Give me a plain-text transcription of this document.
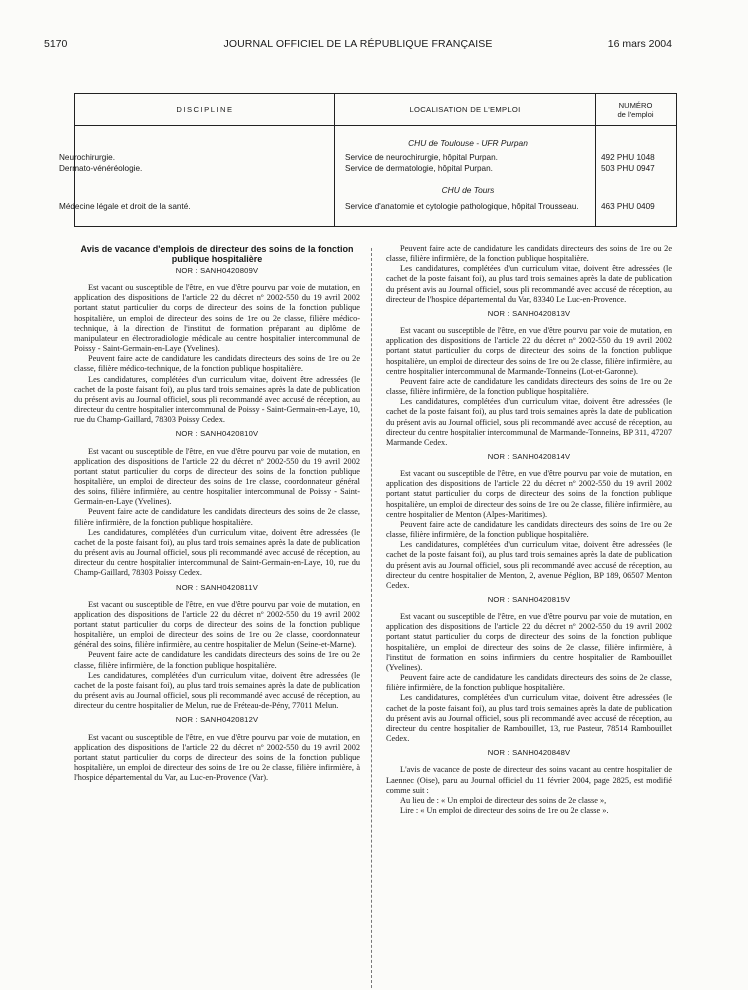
5170	JOURNAL OFFICIEL DE LA RÉPUBLIQUE FRANÇAISE	16 mars 2004
DISCIPLINE	LOCALISATION DE L'EMPLOI	NUMÉRO
de l'emploi
CHU de Toulouse - UFR Purpan
Neurochirurgie.	Service de neurochirurgie, hôpital Purpan.	492 PHU 1048
Dermato-vénéréologie.	Service de dermatologie, hôpital Purpan.	503 PHU 0947
CHU de Tours
Médecine légale et droit de la santé.	Service d'anatomie et cytologie pathologique, hôpital Trousseau.	463 PHU 0409
Avis de vacance d'emplois de directeur des soins de la fonction publique hospitalière
NOR : SANH0420809V

Est vacant ou susceptible de l'être, en vue d'être pourvu par voie de mutation, en application des dispositions de l'article 22 du décret nº 2002-550 du 19 avril 2002 portant statut particulier du corps de directeur des soins de la fonction publique hospitalière, un emploi de directeur des soins de 1re ou 2e classe, filière médico-technique, à la direction de l'institut de formation préparant au diplôme de manipulateur en électroradiologie médicale au centre hospitalier intercommunal de Poissy - Saint-Germain-en-Laye (Yvelines).

Peuvent faire acte de candidature les candidats directeurs des soins de 1re ou 2e classe, filière médico-technique, de la fonction publique hospitalière.

Les candidatures, complétées d'un curriculum vitae, doivent être adressées (le cachet de la poste faisant foi), au plus tard trois semaines après la date de publication du présent avis au Journal officiel, sous pli recommandé avec accusé de réception, au directeur du centre hospitalier intercommunal de Poissy - Saint-Germain-en-Laye, 10, rue du Champ-Gaillard, 78303 Poissy Cedex.

NOR : SANH0420810V

Est vacant ou susceptible de l'être, en vue d'être pourvu par voie de mutation, en application des dispositions de l'article 22 du décret nº 2002-550 du 19 avril 2002 portant statut particulier du corps de directeur des soins de la fonction publique hospitalière, un emploi de directeur des soins de 1re classe, coordonnateur général des soins, filière infirmière, au centre hospitalier intercommunal de Poissy - Saint-Germain-en-Laye (Yvelines).

Peuvent faire acte de candidature les candidats directeurs des soins de 2e classe, filière infirmière, de la fonction publique hospitalière.

Les candidatures, complétées d'un curriculum vitae, doivent être adressées (le cachet de la poste faisant foi), au plus tard trois semaines après la date de publication du présent avis au Journal officiel, sous pli recommandé avec accusé de réception, au directeur du centre hospitalier intercommunal de Saint-Germain-en-Laye, 10, rue du Champ-Gaillard, 78303 Poissy Cedex.

NOR : SANH0420811V

Est vacant ou susceptible de l'être, en vue d'être pourvu par voie de mutation, en application des dispositions de l'article 22 du décret nº 2002-550 du 19 avril 2002 portant statut particulier du corps de directeur des soins de la fonction publique hospitalière, un emploi de directeur des soins de 1re ou 2e classe, coordonnateur général des soins, filière infirmière, au centre hospitalier de Melun (Seine-et-Marne).

Peuvent faire acte de candidature les candidats directeurs des soins de 1re ou 2e classe, filière infirmière, de la fonction publique hospitalière.

Les candidatures, complétées d'un curriculum vitae, doivent être adressées (le cachet de la poste faisant foi), au plus tard trois semaines après la date de publication du présent avis au Journal officiel, sous pli recommandé avec accusé de réception, au directeur du centre hospitalier de Melun, rue de Fréteau-de-Pény, 77011 Melun.

NOR : SANH0420812V

Est vacant ou susceptible de l'être, en vue d'être pourvu par voie de mutation, en application des dispositions de l'article 22 du décret nº 2002-550 du 19 avril 2002 portant statut particulier du corps de directeur des soins de la fonction publique hospitalière, un emploi de directeur des soins de 1re ou 2e classe, filière infirmière, à l'hospice départemental du Var, au Luc-en-Provence (Var).

Peuvent faire acte de candidature les candidats directeurs des soins de 1re ou 2e classe, filière infirmière, de la fonction publique hospitalière.

Les candidatures, complétées d'un curriculum vitae, doivent être adressées (le cachet de la poste faisant foi), au plus tard trois semaines après la date de publication du présent avis au Journal officiel, sous pli recommandé avec accusé de réception, au directeur de l'hospice départemental du Var, 83340 Le Luc-en-Provence.

NOR : SANH0420813V

Est vacant ou susceptible de l'être, en vue d'être pourvu par voie de mutation, en application des dispositions de l'article 22 du décret nº 2002-550 du 19 avril 2002 portant statut particulier du corps de directeur des soins de la fonction publique hospitalière, un emploi de directeur des soins de 1re ou 2e classe, filière infirmière, au centre hospitalier intercommunal de Marmande-Tonneins (Lot-et-Garonne).

Peuvent faire acte de candidature les candidats directeurs des soins de 1re ou 2e classe, filière infirmière, de la fonction publique hospitalière.

Les candidatures, complétées d'un curriculum vitae, doivent être adressées (le cachet de la poste faisant foi), au plus tard trois semaines après la date de publication du présent avis au Journal officiel, sous pli recommandé avec accusé de réception, au directeur du centre hospitalier intercommunal de Marmande-Tonneins, BP 311, 47207 Marmande Cedex.

NOR : SANH0420814V

Est vacant ou susceptible de l'être, en vue d'être pourvu par voie de mutation, en application des dispositions de l'article 22 du décret nº 2002-550 du 19 avril 2002 portant statut particulier du corps de directeur des soins de la fonction publique hospitalière, un emploi de directeur des soins de 1re ou 2e classe, filière infirmière, au centre hospitalier de Menton (Alpes-Maritimes).

Peuvent faire acte de candidature les candidats directeurs des soins de 1re ou 2e classe, filière infirmière, de la fonction publique hospitalière.

Les candidatures, complétées d'un curriculum vitae, doivent être adressées (le cachet de la poste faisant foi), au plus tard trois semaines après la date de publication du présent avis au Journal officiel, sous pli recommandé avec accusé de réception, au directeur du centre hospitalier de Menton, 2, avenue Péglion, BP 189, 06507 Menton Cedex.

NOR : SANH0420815V

Est vacant ou susceptible de l'être, en vue d'être pourvu par voie de mutation, en application des dispositions de l'article 22 du décret nº 2002-550 du 19 avril 2002 portant statut particulier du corps de directeur des soins de la fonction publique hospitalière, un emploi de directeur des soins de 2e classe, filière infirmière, à l'institut de formation en soins infirmiers du centre hospitalier de Rambouillet (Yvelines).

Peuvent faire acte de candidature les candidats directeurs des soins de 2e classe, filière infirmière, de la fonction publique hospitalière.

Les candidatures, complétées d'un curriculum vitae, doivent être adressées (le cachet de la poste faisant foi), au plus tard trois semaines après la date de publication du présent avis au Journal officiel, sous pli recommandé avec accusé de réception, au directeur du centre hospitalier de Rambouillet, 13, rue Pasteur, 78514 Rambouillet Cedex.

NOR : SANH0420848V

L'avis de vacance de poste de directeur des soins vacant au centre hospitalier de Laennec (Oise), paru au Journal officiel du 11 février 2004, page 2825, est modifié comme suit :

Au lieu de : « Un emploi de directeur des soins de 2e classe »,

Lire : « Un emploi de directeur des soins de 1re ou 2e classe ».
